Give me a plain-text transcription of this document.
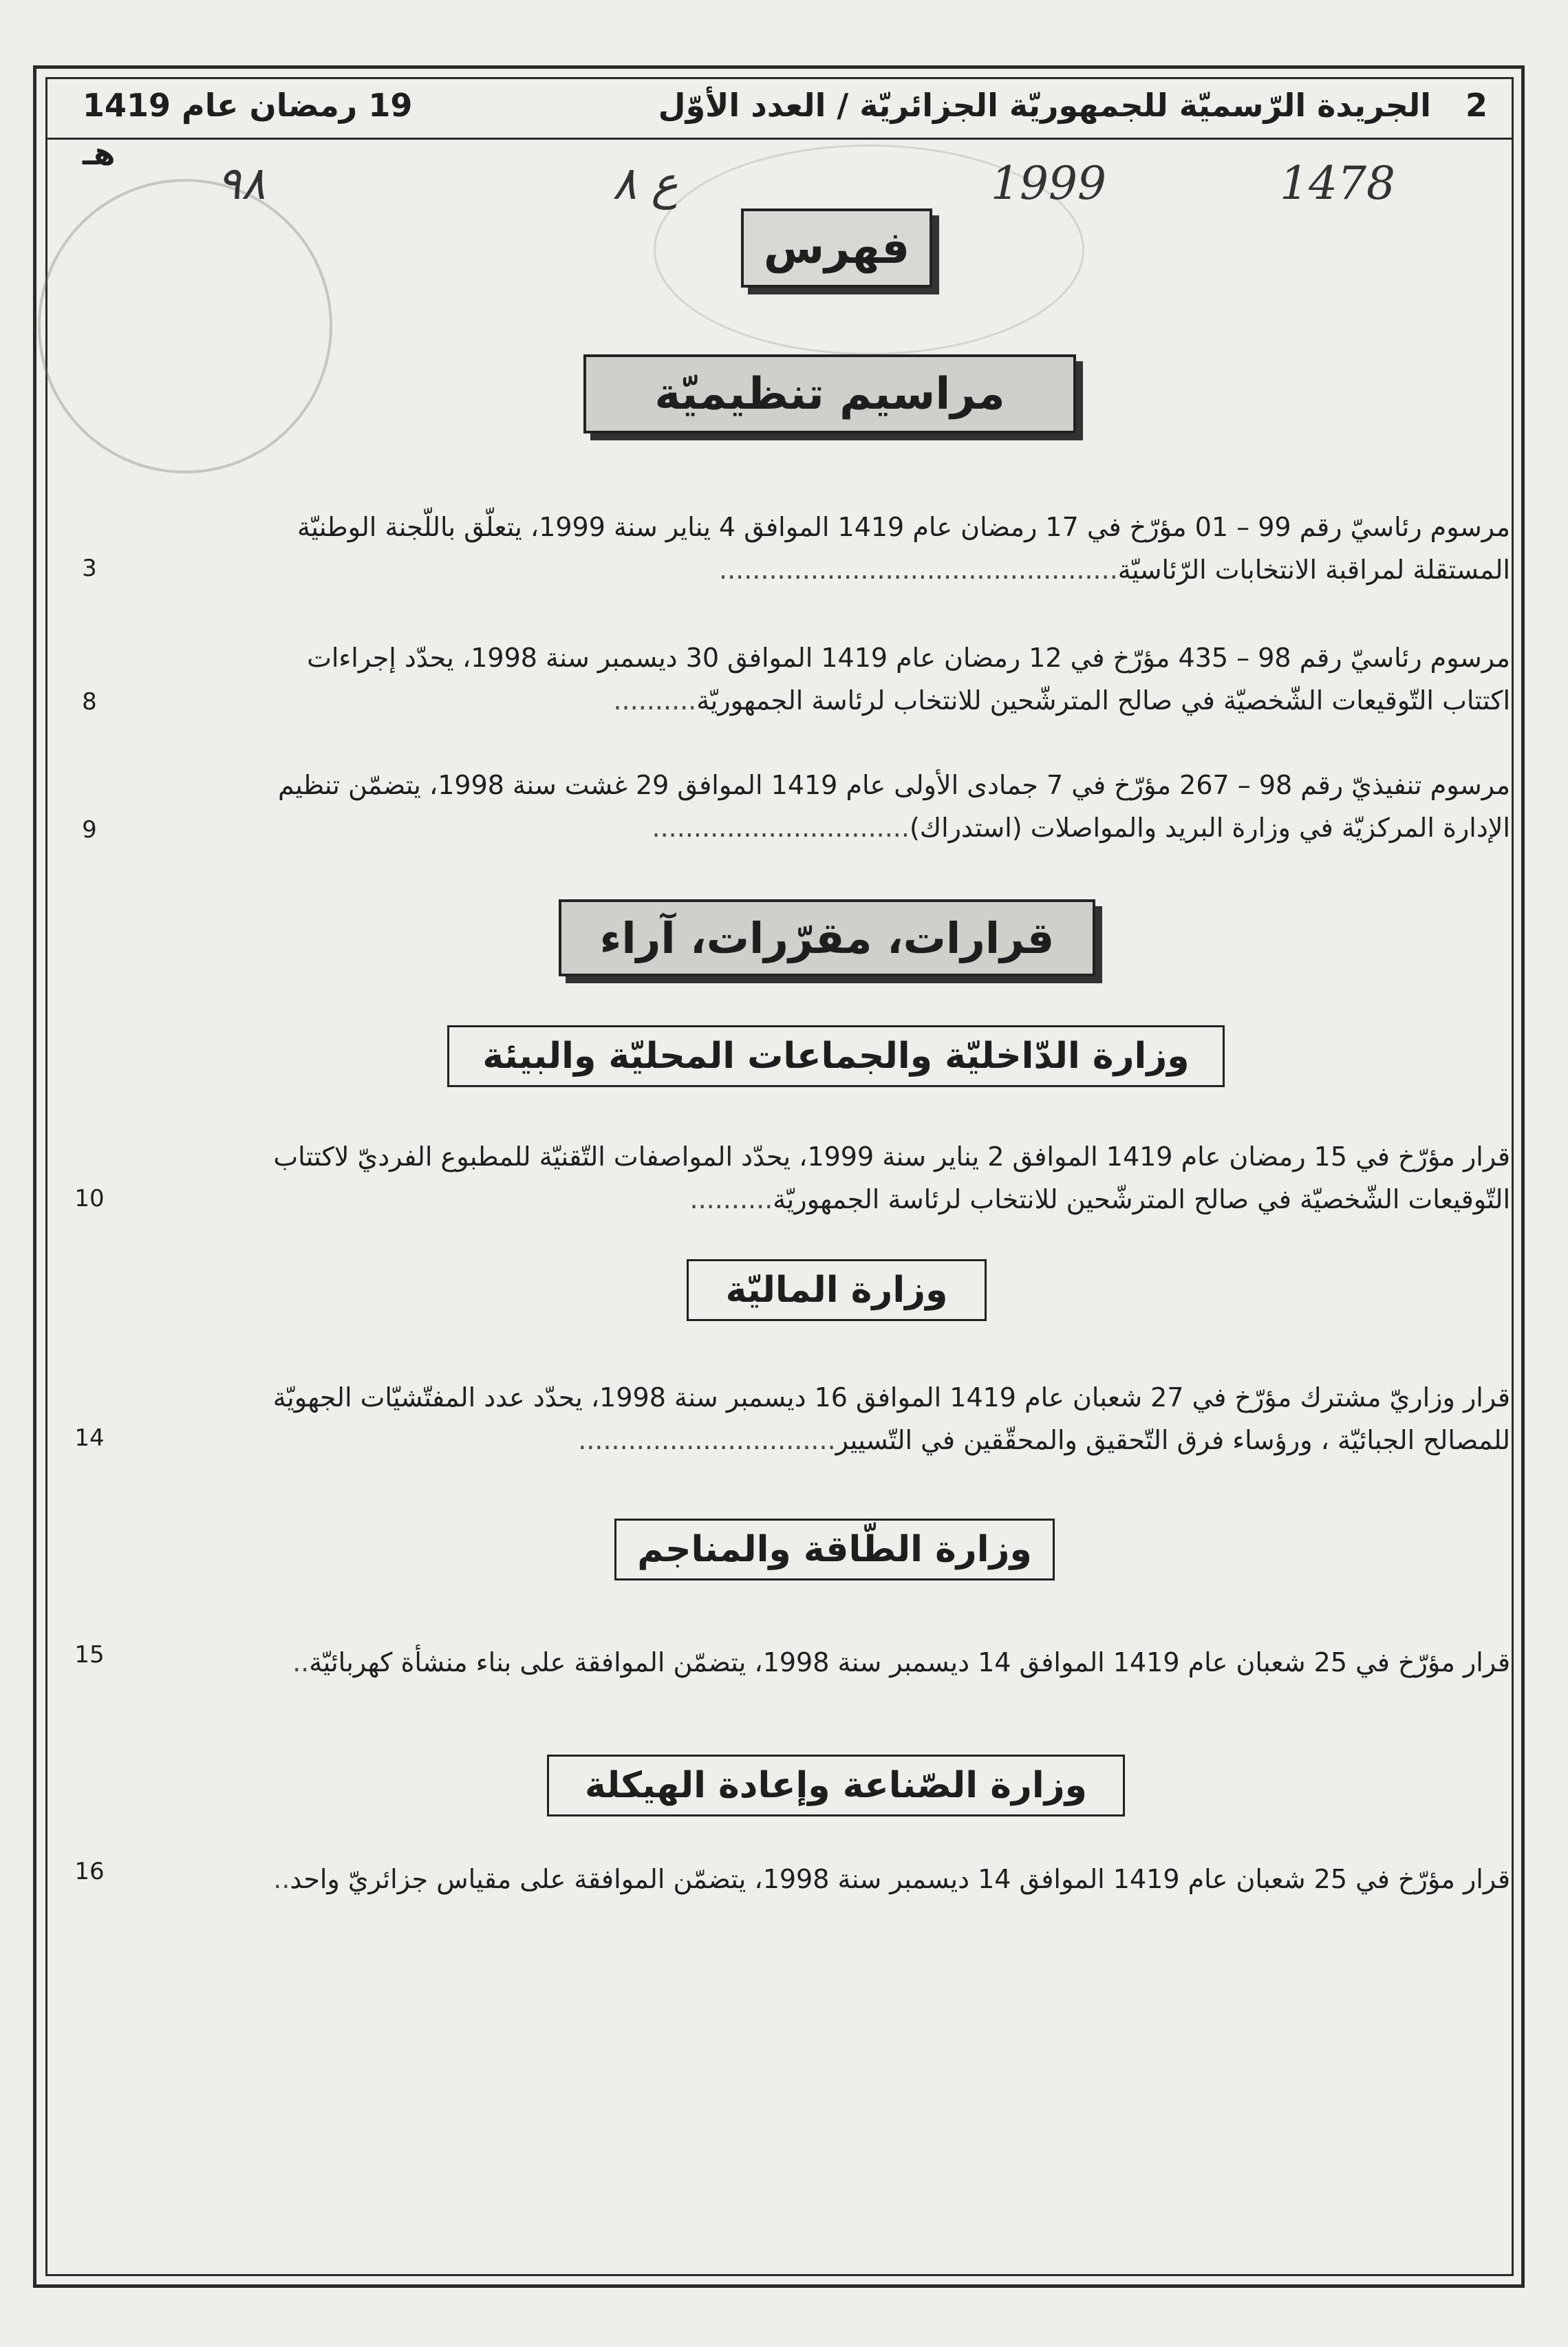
2
الجريدة الرّسميّة للجمهوريّة الجزائريّة / العدد الأوّل
19 رمضان عام 1419 هـ
1478
1999
ع ٨
٩٨
فهرس
مراسيم تنظيميّة
مرسوم رئاسيّ رقم 99 – 01 مؤرّخ في 17 رمضان عام 1419 الموافق 4 يناير سنة 1999، يتعلّق باللّجنة الوطنيّة
المستقلة لمراقبة الانتخابات الرّئاسيّة................................................
3
مرسوم رئاسيّ رقم 98 – 435 مؤرّخ في 12 رمضان عام 1419 الموافق 30 ديسمبر سنة 1998، يحدّد إجراءات
اكتتاب التّوقيعات الشّخصيّة في صالح المترشّحين للانتخاب لرئاسة الجمهوريّة..........
8
مرسوم تنفيذيّ رقم 98 – 267 مؤرّخ في 7 جمادى الأولى عام 1419 الموافق 29 غشت سنة 1998، يتضمّن تنظيم
الإدارة المركزيّة في وزارة البريد والمواصلات (استدراك)...............................
9
قرارات، مقرّرات، آراء
وزارة الدّاخليّة والجماعات المحليّة والبيئة
قرار مؤرّخ في 15 رمضان عام 1419 الموافق 2 يناير سنة 1999، يحدّد المواصفات التّقنيّة للمطبوع الفرديّ لاكتتاب
التّوقيعات الشّخصيّة في صالح المترشّحين للانتخاب لرئاسة الجمهوريّة..........
10
وزارة الماليّة
قرار وزاريّ مشترك مؤرّخ في 27 شعبان عام 1419 الموافق 16 ديسمبر سنة 1998، يحدّد عدد المفتّشيّات الجهويّة
للمصالح الجبائيّة ، ورؤساء فرق التّحقيق والمحقّقين في التّسيير...............................
14
وزارة الطّاقة والمناجم
قرار مؤرّخ في 25 شعبان عام 1419 الموافق 14 ديسمبر سنة 1998، يتضمّن الموافقة على بناء منشأة كهربائيّة..
15
وزارة الصّناعة وإعادة الهيكلة
قرار مؤرّخ في 25 شعبان عام 1419 الموافق 14 ديسمبر سنة 1998، يتضمّن الموافقة على مقياس جزائريّ واحد..
16
